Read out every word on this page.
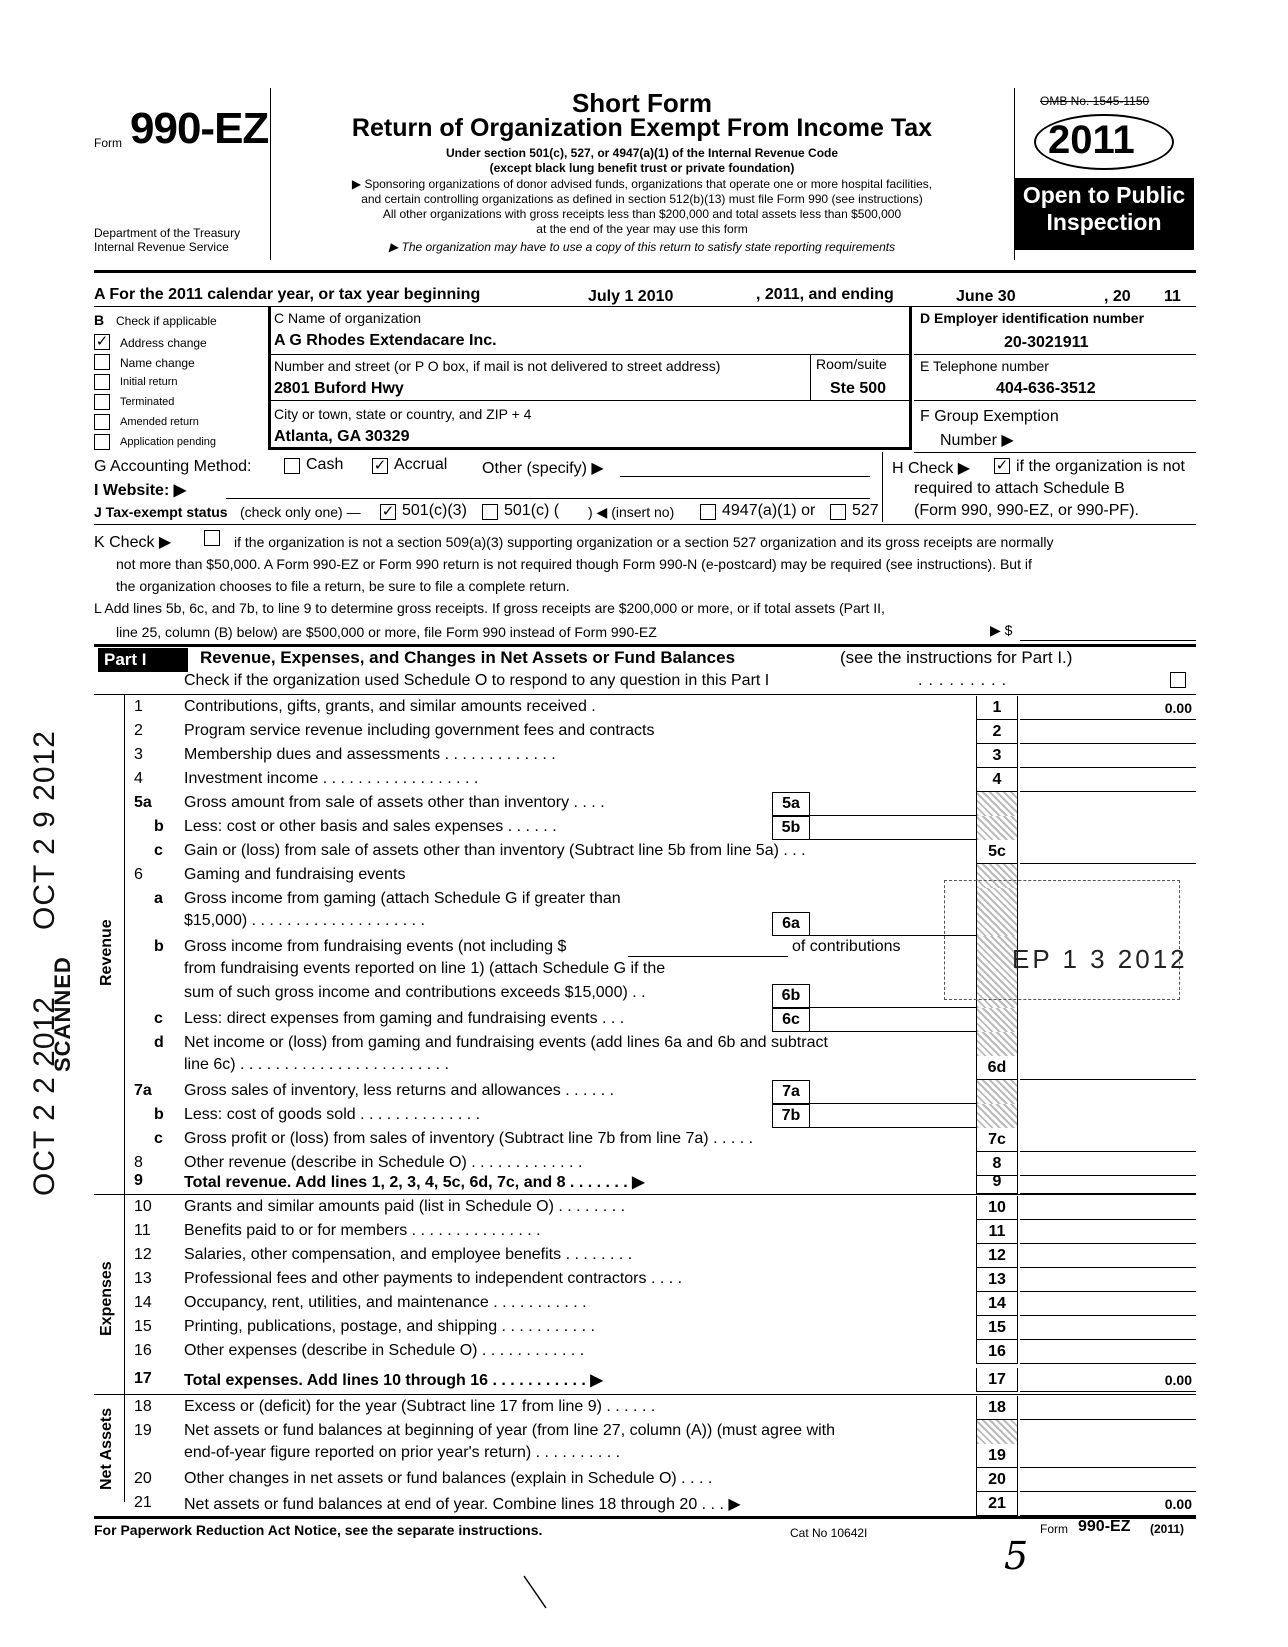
Form 990-EZ
Department of the Treasury
Internal Revenue Service
Short Form
Return of Organization Exempt From Income Tax
Under section 501(c), 527, or 4947(a)(1) of the Internal Revenue Code
(except black lung benefit trust or private foundation)
▶ Sponsoring organizations of donor advised funds, organizations that operate one or more hospital facilities,
and certain controlling organizations as defined in section 512(b)(13) must file Form 990 (see instructions)
All other organizations with gross receipts less than $200,000 and total assets less than $500,000
at the end of the year may use this form
▶ The organization may have to use a copy of this return to satisfy state reporting requirements
OMB No. 1545-1150
2011
Open to Public
Inspection
A For the 2011 calendar year, or tax year beginning	July 1 2010	, 2011, and ending	June 30	, 20 11
B Check if applicable
✓ Address change
Name change
Initial return
Terminated
Amended return
Application pending
C Name of organization
A G Rhodes Extendacare Inc.
Number and street (or P O box, if mail is not delivered to street address)	Room/suite
2801 Buford Hwy	Ste 500
City or town, state or country, and ZIP + 4
Atlanta, GA 30329
D Employer identification number
20-3021911
E Telephone number
404-636-3512
F Group Exemption
Number ▶
G Accounting Method:	Cash ✓ Accrual Other (specify) ▶	H Check ▶ ✓ if the organization is not
required to attach Schedule B
(Form 990, 990-EZ, or 990-PF).
I Website: ▶
J Tax-exempt status (check only one) — ✓ 501(c)(3) 501(c) ( ) ◀ (insert no)	4947(a)(1) or 527
K Check ▶	if the organization is not a section 509(a)(3) supporting organization or a section 527 organization and its gross receipts are normally
not more than $50,000. A Form 990-EZ or Form 990 return is not required though Form 990-N (e-postcard) may be required (see instructions). But if
the organization chooses to file a return, be sure to file a complete return.
L Add lines 5b, 6c, and 7b, to line 9 to determine gross receipts. If gross receipts are $200,000 or more, or if total assets (Part II,
line 25, column (B) below) are $500,000 or more, file Form 990 instead of Form 990-EZ	▶ $
Part I	Revenue, Expenses, and Changes in Net Assets or Fund Balances	(see the instructions for Part I.)
Check if the organization used Schedule O to respond to any question in this Part I	.........
Revenue
Expenses
Net Assets
1	Contributions, gifts, grants, and similar amounts received .	1	0.00
2	Program service revenue including government fees and contracts	2
3	Membership dues and assessments . . . . . . . . . . . . .	3
4	Investment income . . . . . . . . . . . . . . . . . .	4
5a	Gross amount from sale of assets other than inventory . . . .	5a
b	Less: cost or other basis and sales expenses . . . . . .	5b
c	Gain or (loss) from sale of assets other than inventory (Subtract line 5b from line 5a) . . .	5c
6	Gaming and fundraising events
a	Gross income from gaming (attach Schedule G if greater than
$15,000) . . . . . . . . . . . . . . . . . . . .	6a
b	Gross income from fundraising events (not including $	of contributions
from fundraising events reported on line 1) (attach Schedule G if the
sum of such gross income and contributions exceeds $15,000) . .	6b
c	Less: direct expenses from gaming and fundraising events . . .	6c
d	Net income or (loss) from gaming and fundraising events (add lines 6a and 6b and subtract
line 6c) . . . . . . . . . . . . . . . . . . . . . . . .	6d
7a	Gross sales of inventory, less returns and allowances . . . . . .	7a
b	Less: cost of goods sold . . . . . . . . . . . . . .	7b
c	Gross profit or (loss) from sales of inventory (Subtract line 7b from line 7a) . . . . .	7c
8	Other revenue (describe in Schedule O) . . . . . . . . . . . . .	8
9	Total revenue. Add lines 1, 2, 3, 4, 5c, 6d, 7c, and 8 . . . . . . . ▶	9
10	Grants and similar amounts paid (list in Schedule O) . . . . . . . .	10
11	Benefits paid to or for members . . . . . . . . . . . . . . .	11
12	Salaries, other compensation, and employee benefits . . . . . . . .	12
13	Professional fees and other payments to independent contractors . . . .	13
14	Occupancy, rent, utilities, and maintenance . . . . . . . . . . .	14
15	Printing, publications, postage, and shipping . . . . . . . . . . .	15
16	Other expenses (describe in Schedule O) . . . . . . . . . . . .	16
17	Total expenses. Add lines 10 through 16 . . . . . . . . . . . ▶	17	0.00
18	Excess or (deficit) for the year (Subtract line 17 from line 9) . . . . . .	18
19	Net assets or fund balances at beginning of year (from line 27, column (A)) (must agree with
end-of-year figure reported on prior year's return) . . . . . . . . . .	19
20	Other changes in net assets or fund balances (explain in Schedule O) . . . .	20
21	Net assets or fund balances at end of year. Combine lines 18 through 20 . . . ▶	21	0.00
For Paperwork Reduction Act Notice, see the separate instructions.	Cat No 10642I	Form 990-EZ (2011)
5
OCT 2 9 2012
SCANNED
OCT 2 2 2012
EP 1 3 2012
